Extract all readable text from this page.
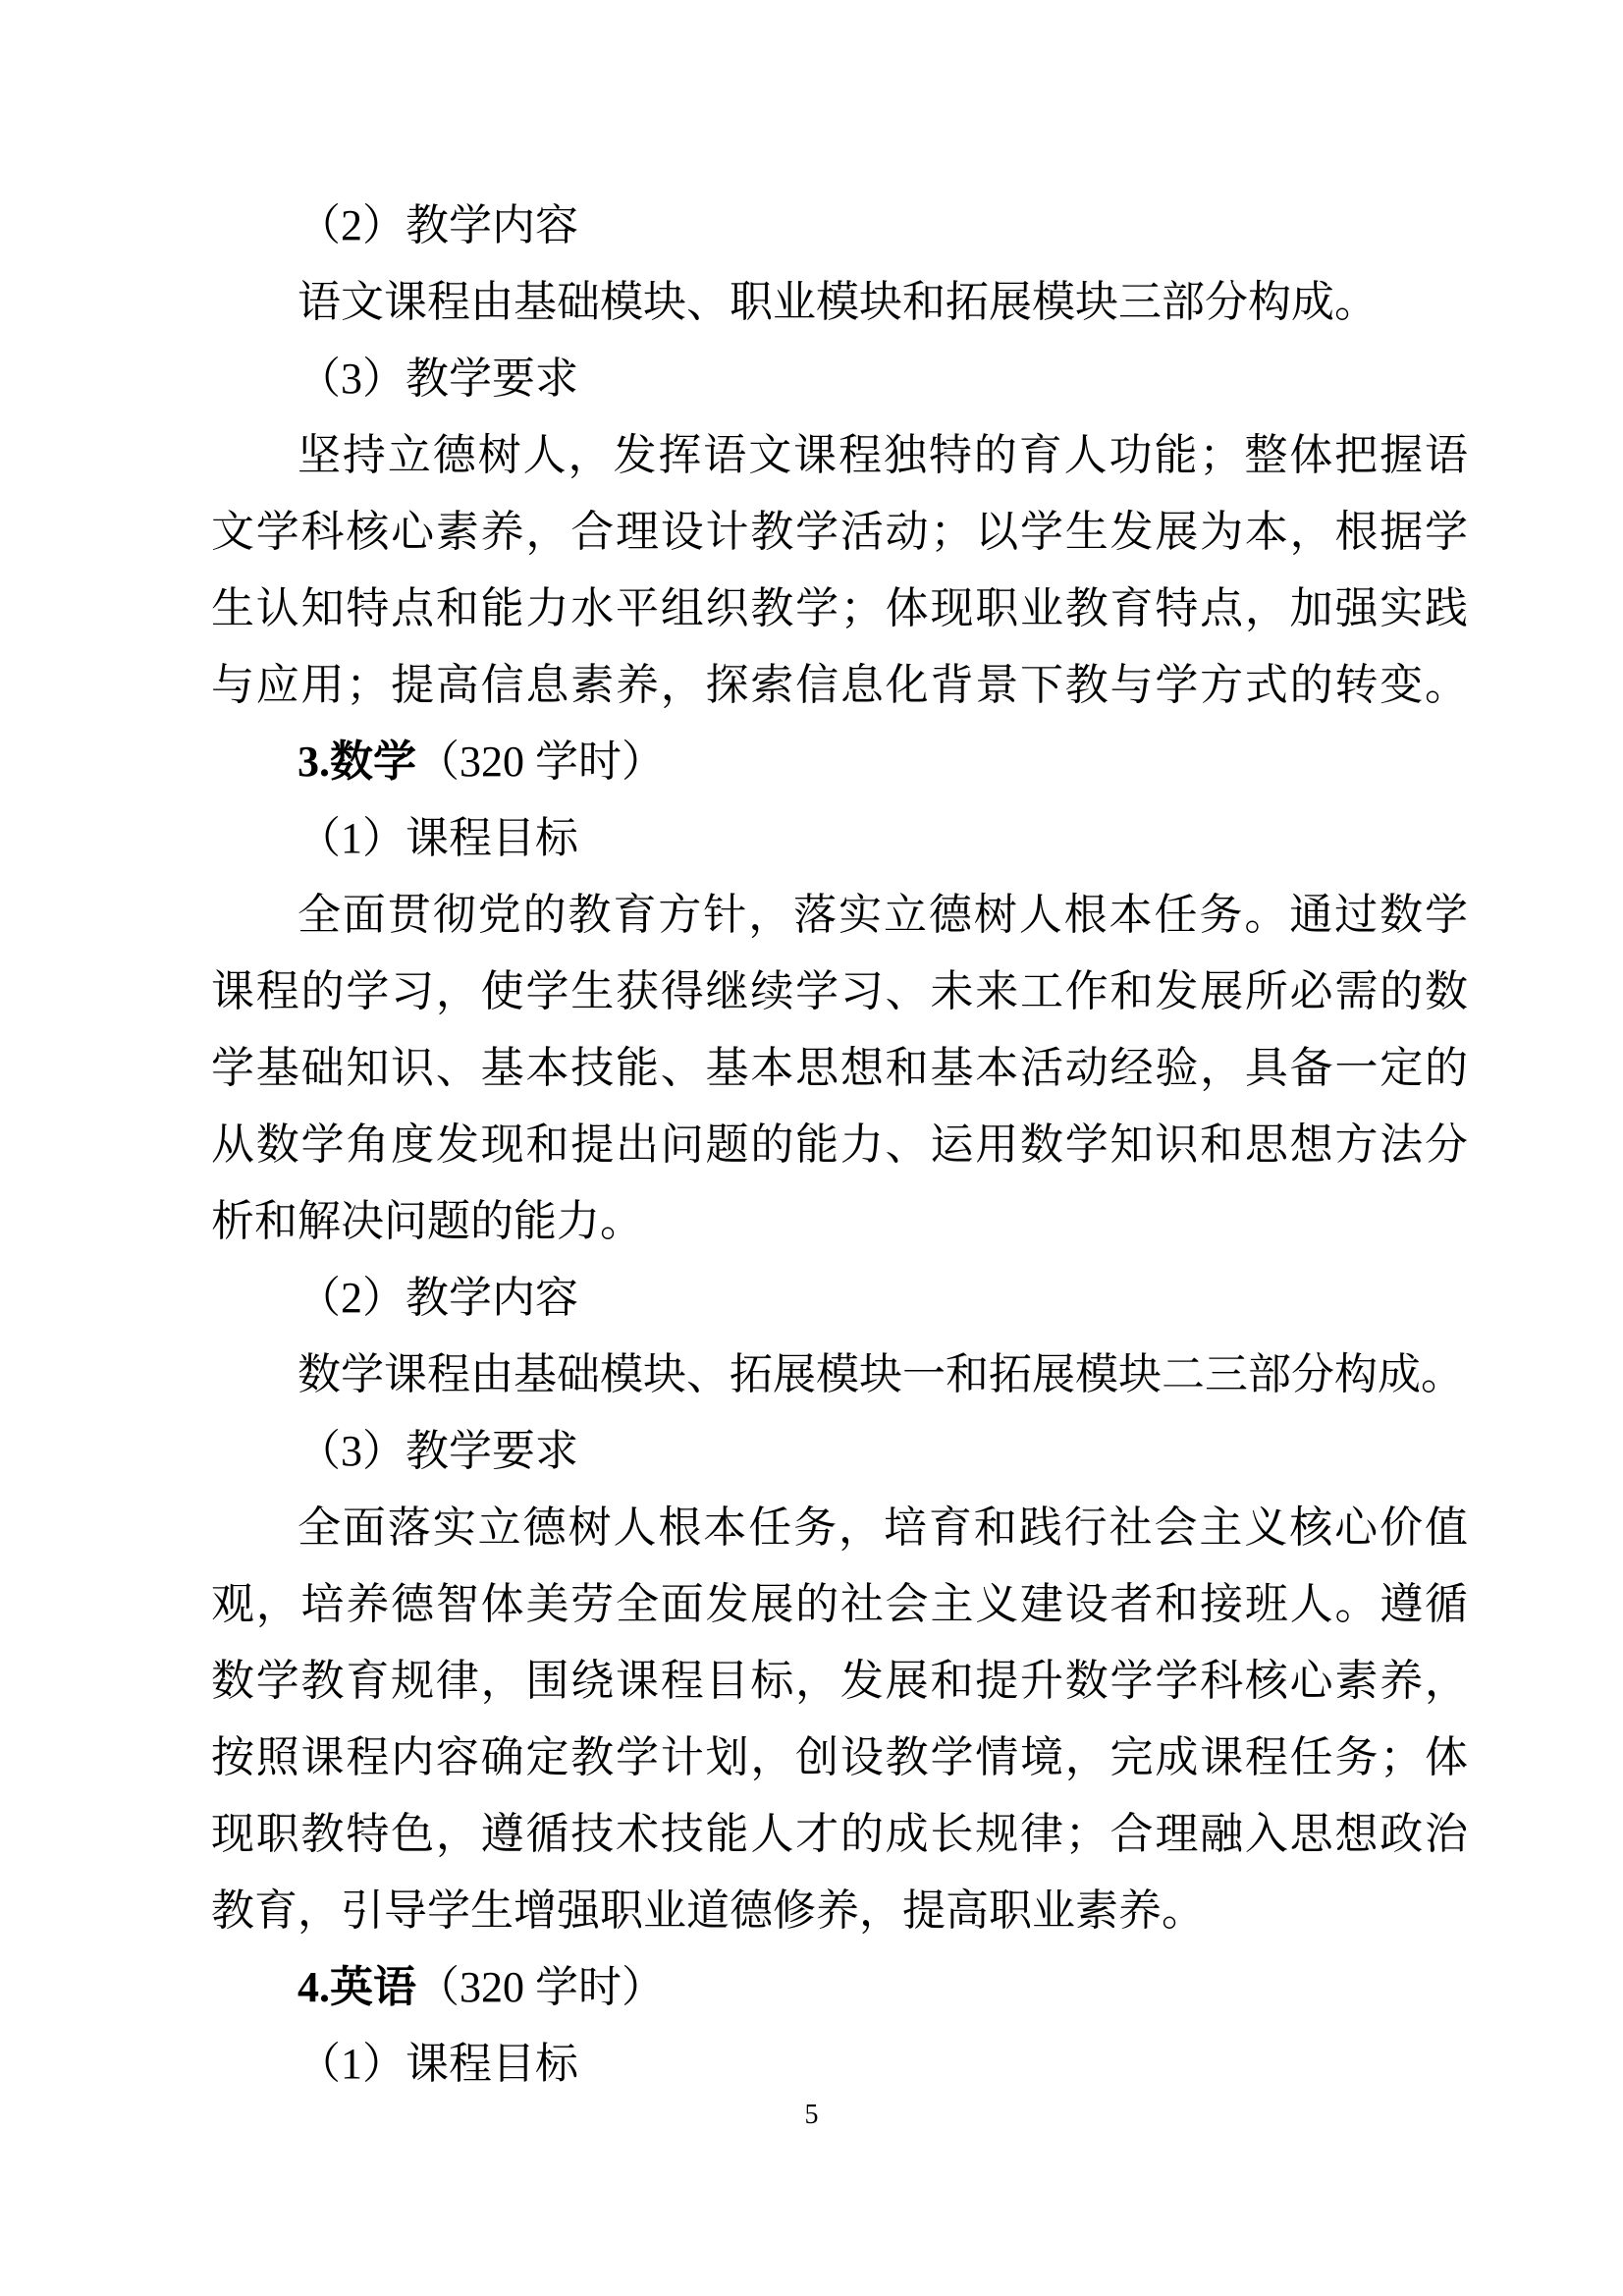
（2）教学内容
语文课程由基础模块、职业模块和拓展模块三部分构成。
（3）教学要求
坚持立德树人，发挥语文课程独特的育人功能；整体把握语
文学科核心素养，合理设计教学活动；以学生发展为本，根据学
生认知特点和能力水平组织教学；体现职业教育特点，加强实践
与应用；提高信息素养，探索信息化背景下教与学方式的转变。
3.数学（320 学时）
（1）课程目标
全面贯彻党的教育方针，落实立德树人根本任务。通过数学
课程的学习，使学生获得继续学习、未来工作和发展所必需的数
学基础知识、基本技能、基本思想和基本活动经验，具备一定的
从数学角度发现和提出问题的能力、运用数学知识和思想方法分
析和解决问题的能力。
（2）教学内容
数学课程由基础模块、拓展模块一和拓展模块二三部分构成。
（3）教学要求
全面落实立德树人根本任务，培育和践行社会主义核心价值
观，培养德智体美劳全面发展的社会主义建设者和接班人。遵循
数学教育规律，围绕课程目标，发展和提升数学学科核心素养，
按照课程内容确定教学计划，创设教学情境，完成课程任务；体
现职教特色，遵循技术技能人才的成长规律；合理融入思想政治
教育，引导学生增强职业道德修养，提高职业素养。
4.英语（320 学时）
（1）课程目标
5
